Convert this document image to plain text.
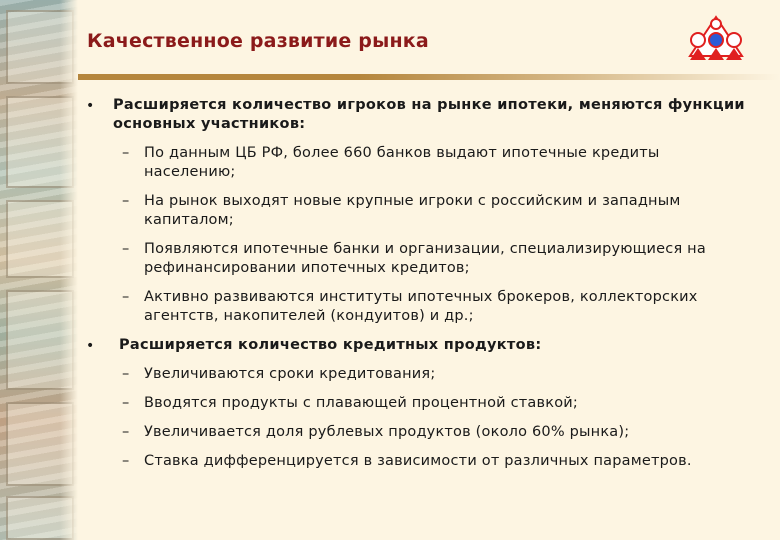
Качественное развитие рынка
• Расширяется количество игроков на рынке ипотеки, меняются функции основных участников:
– По данным ЦБ РФ, более 660 банков выдают ипотечные кредиты населению;
– На рынок выходят новые крупные игроки с российским и западным капиталом;
– Появляются ипотечные банки и организации, специализирующиеся на рефинансировании ипотечных кредитов;
– Активно развиваются институты ипотечных брокеров, коллекторских агентств, накопителей (кондуитов) и др.;
•	Расширяется количество кредитных продуктов:
– Увеличиваются сроки кредитования;
– Вводятся продукты с плавающей процентной ставкой;
– Увеличивается доля рублевых продуктов (около 60% рынка);
– Ставка дифференцируется в зависимости от различных параметров.
